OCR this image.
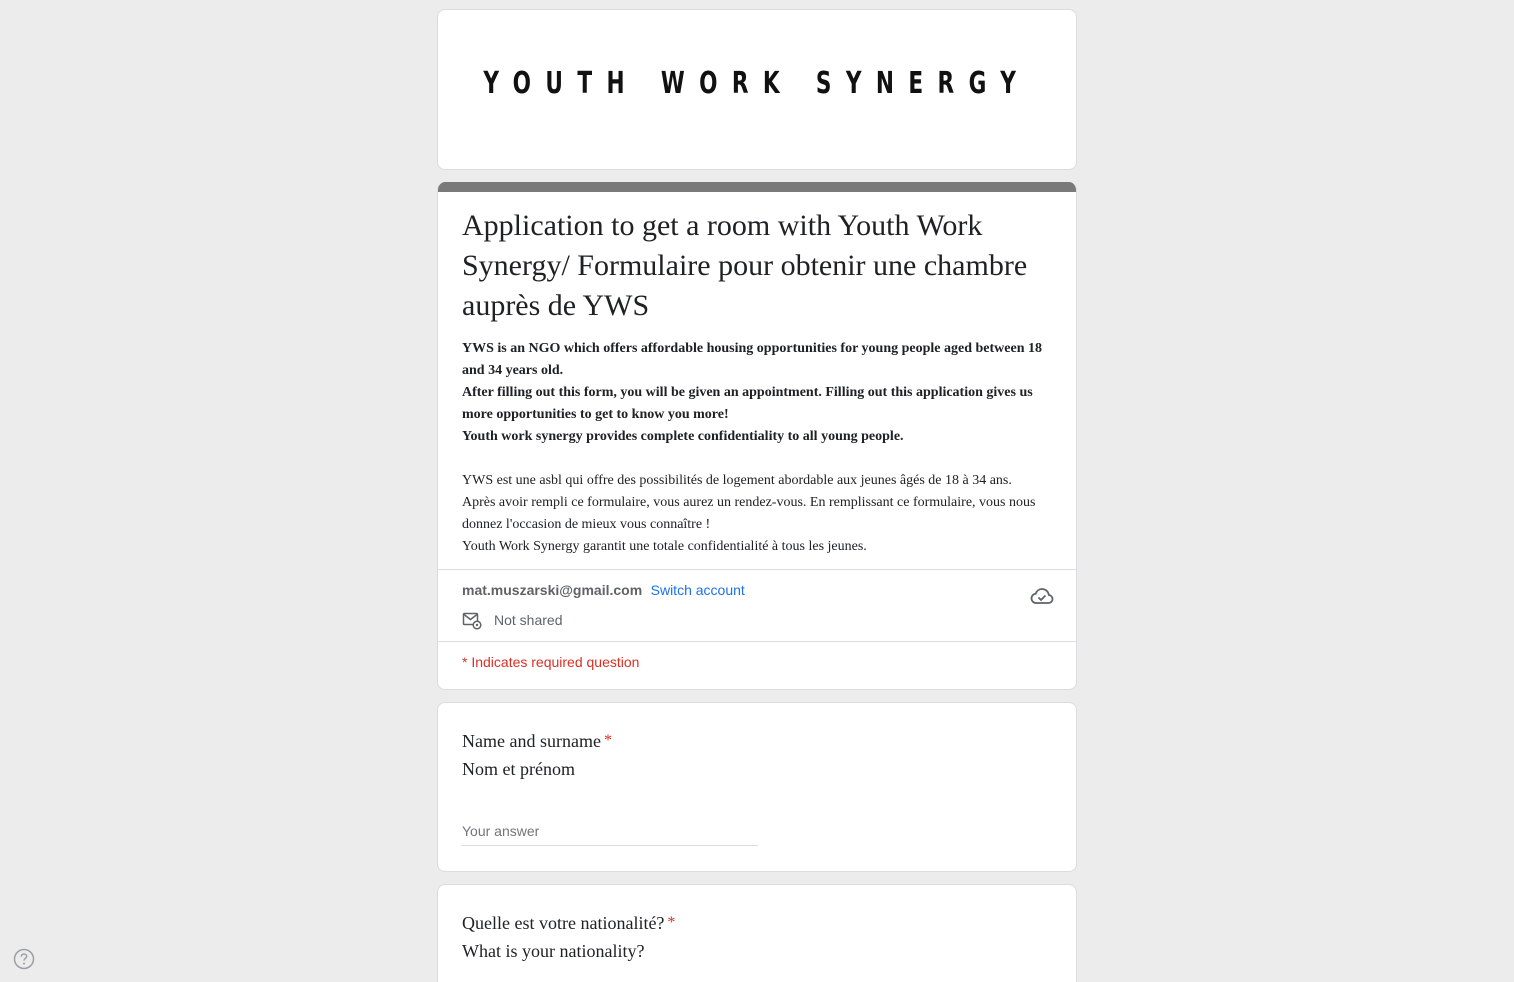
YOUTH WORK SYNERGY
Application to get a room with Youth Work Synergy/ Formulaire pour obtenir une chambre auprès de YWS
YWS is an NGO which offers affordable housing opportunities for young people aged between 18 and 34 years old.
After filling out this form, you will be given an appointment. Filling out this application gives us more opportunities to get to know you more!
Youth work synergy provides complete confidentiality to all young people.
YWS est une asbl qui offre des possibilités de logement abordable aux jeunes âgés de 18 à 34 ans.
Après avoir rempli ce formulaire, vous aurez un rendez-vous. En remplissant ce formulaire, vous nous donnez l'occasion de mieux vous connaître !
Youth Work Synergy garantit une totale confidentialité à tous les jeunes.
mat.muszarski@gmail.com Switch account
Not shared
* Indicates required question
Name and surname *
Nom et prénom
Your answer
Quelle est votre nationalité? *
What is your nationality?
